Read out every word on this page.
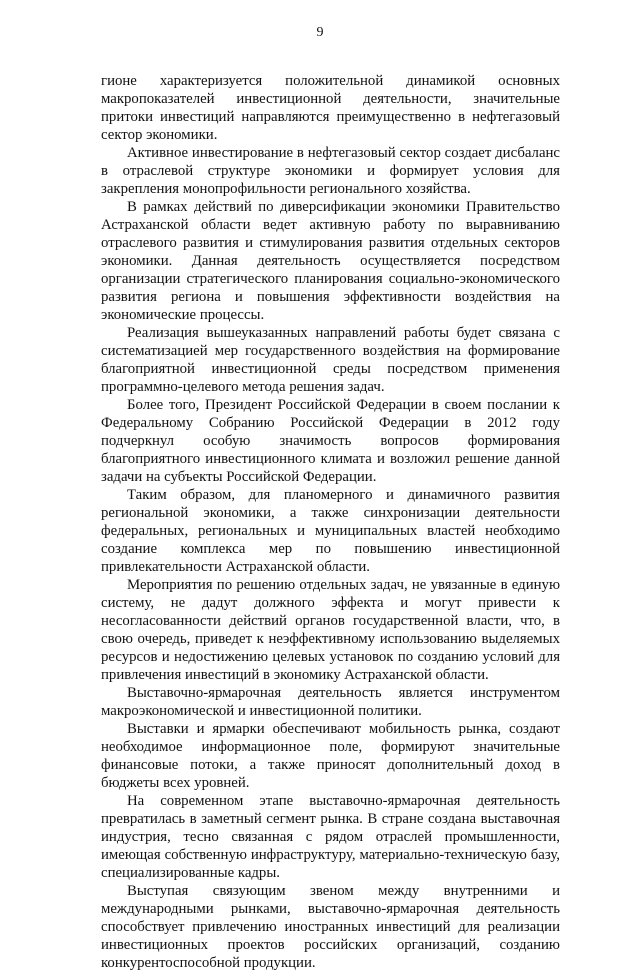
9

гионе характеризуется положительной динамикой основных макропоказателей инвестиционной деятельности, значительные притоки инвестиций направляются преимущественно в нефтегазовый сектор экономики.

Активное инвестирование в нефтегазовый сектор создает дисбаланс в отраслевой структуре экономики и формирует условия для закрепления монопрофильности регионального хозяйства.

В рамках действий по диверсификации экономики Правительство Астраханской области ведет активную работу по выравниванию отраслевого развития и стимулирования развития отдельных секторов экономики. Данная деятельность осуществляется посредством организации стратегического планирования социально-экономического развития региона и повышения эффективности воздействия на экономические процессы.

Реализация вышеуказанных направлений работы будет связана с систематизацией мер государственного воздействия на формирование благоприятной инвестиционной среды посредством применения программно-целевого метода решения задач.

Более того, Президент Российской Федерации в своем послании к Федеральному Собранию Российской Федерации в 2012 году подчеркнул особую значимость вопросов формирования благоприятного инвестиционного климата и возложил решение данной задачи на субъекты Российской Федерации.

Таким образом, для планомерного и динамичного развития региональной экономики, а также синхронизации деятельности федеральных, региональных и муниципальных властей необходимо создание комплекса мер по повышению инвестиционной привлекательности Астраханской области.

Мероприятия по решению отдельных задач, не увязанные в единую систему, не дадут должного эффекта и могут привести к несогласованности действий органов государственной власти, что, в свою очередь, приведет к неэффективному использованию выделяемых ресурсов и недостижению целевых установок по созданию условий для привлечения инвестиций в экономику Астраханской области.

Выставочно-ярмарочная деятельность является инструментом макроэкономической и инвестиционной политики.

Выставки и ярмарки обеспечивают мобильность рынка, создают необходимое информационное поле, формируют значительные финансовые потоки, а также приносят дополнительный доход в бюджеты всех уровней.

На современном этапе выставочно-ярмарочная деятельность превратилась в заметный сегмент рынка. В стране создана выставочная индустрия, тесно связанная с рядом отраслей промышленности, имеющая собственную инфраструктуру, материально-техническую базу, специализированные кадры.

Выступая связующим звеном между внутренними и международными рынками, выставочно-ярмарочная деятельность способствует привлечению иностранных инвестиций для реализации инвестиционных проектов российских организаций, созданию конкурентоспособной продукции.
